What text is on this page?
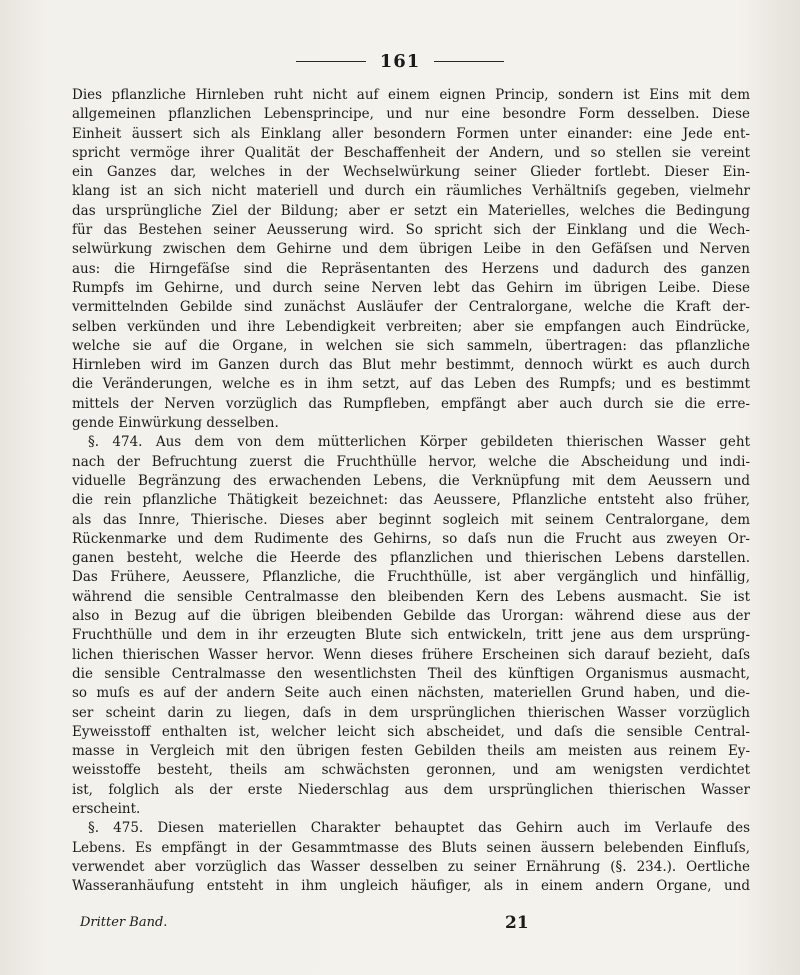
161
Dies pflanzliche Hirnleben ruht nicht auf einem eignen Princip, sondern ist Eins mit dem
allgemeinen pflanzlichen Lebensprincipe, und nur eine besondre Form desselben. Diese
Einheit äussert sich als Einklang aller besondern Formen unter einander: eine Jede ent-
spricht vermöge ihrer Qualität der Beschaffenheit der Andern, und so stellen sie vereint
ein Ganzes dar, welches in der Wechselwürkung seiner Glieder fortlebt. Dieser Ein-
klang ist an sich nicht materiell und durch ein räumliches Verhältniſs gegeben, vielmehr
das ursprüngliche Ziel der Bildung; aber er setzt ein Materielles, welches die Bedingung
für das Bestehen seiner Aeusserung wird. So spricht sich der Einklang und die Wech-
selwürkung zwischen dem Gehirne und dem übrigen Leibe in den Gefäſsen und Nerven
aus: die Hirngefäſse sind die Repräsentanten des Herzens und dadurch des ganzen
Rumpfs im Gehirne, und durch seine Nerven lebt das Gehirn im übrigen Leibe. Diese
vermittelnden Gebilde sind zunächst Ausläufer der Centralorgane, welche die Kraft der-
selben verkünden und ihre Lebendigkeit verbreiten; aber sie empfangen auch Eindrücke,
welche sie auf die Organe, in welchen sie sich sammeln, übertragen: das pflanzliche
Hirnleben wird im Ganzen durch das Blut mehr bestimmt, dennoch würkt es auch durch
die Veränderungen, welche es in ihm setzt, auf das Leben des Rumpfs; und es bestimmt
mittels der Nerven vorzüglich das Rumpfleben, empfängt aber auch durch sie die erre-
gende Einwürkung desselben.
§. 474. Aus dem von dem mütterlichen Körper gebildeten thierischen Wasser geht
nach der Befruchtung zuerst die Fruchthülle hervor, welche die Abscheidung und indi-
viduelle Begränzung des erwachenden Lebens, die Verknüpfung mit dem Aeussern und
die rein pflanzliche Thätigkeit bezeichnet: das Aeussere, Pflanzliche entsteht also früher,
als das Innre, Thierische. Dieses aber beginnt sogleich mit seinem Centralorgane, dem
Rückenmarke und dem Rudimente des Gehirns, so daſs nun die Frucht aus zweyen Or-
ganen besteht, welche die Heerde des pflanzlichen und thierischen Lebens darstellen.
Das Frühere, Aeussere, Pflanzliche, die Fruchthülle, ist aber vergänglich und hinfällig,
während die sensible Centralmasse den bleibenden Kern des Lebens ausmacht. Sie ist
also in Bezug auf die übrigen bleibenden Gebilde das Urorgan: während diese aus der
Fruchthülle und dem in ihr erzeugten Blute sich entwickeln, tritt jene aus dem ursprüng-
lichen thierischen Wasser hervor. Wenn dieses frühere Erscheinen sich darauf bezieht, daſs
die sensible Centralmasse den wesentlichsten Theil des künftigen Organismus ausmacht,
so muſs es auf der andern Seite auch einen nächsten, materiellen Grund haben, und die-
ser scheint darin zu liegen, daſs in dem ursprünglichen thierischen Wasser vorzüglich
Eyweisstoff enthalten ist, welcher leicht sich abscheidet, und daſs die sensible Central-
masse in Vergleich mit den übrigen festen Gebilden theils am meisten aus reinem Ey-
weisstoffe besteht, theils am schwächsten geronnen, und am wenigsten verdichtet
ist, folglich als der erste Niederschlag aus dem ursprünglichen thierischen Wasser
erscheint.
§. 475. Diesen materiellen Charakter behauptet das Gehirn auch im Verlaufe des
Lebens. Es empfängt in der Gesammtmasse des Bluts seinen äussern belebenden Einfluſs,
verwendet aber vorzüglich das Wasser desselben zu seiner Ernährung (§. 234.). Oertliche
Wasseranhäufung entsteht in ihm ungleich häufiger, als in einem andern Organe, und
Dritter Band.	21
